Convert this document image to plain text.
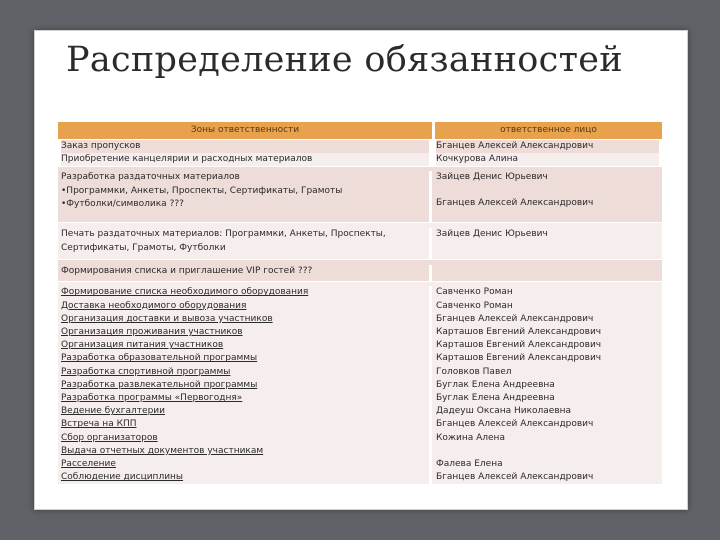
Распределение обязанностей
Зоны ответственности	ответственное лицо
Заказ пропусков
Приобретение канцелярии и расходных материалов
Бганцев Алексей Александрович
Кочкурова Алина
Разработка раздаточных материалов
•Программки, Анкеты, Проспекты, Сертификаты, Грамоты
•Футболки/символика ???
Зайцев Денис Юрьевич
Бганцев Алексей Александрович
Печать раздаточных материалов: Программки, Анкеты, Проспекты,
Сертификаты, Грамоты, Футболки
Зайцев Денис Юрьевич
Формирования списка и приглашение VIP гостей ???
Формирование списка необходимого оборудования
Доставка необходимого оборудования
Организация доставки и вывоза участников
Организация проживания участников
Организация питания участников
Разработка образовательной программы
Разработка спортивной программы
Разработка развлекательной программы
Разработка программы «Первогодня»
Ведение бухгалтерии
Встреча на КПП
Сбор организаторов
Выдача отчетных документов участникам
Расселение
Соблюдение дисциплины
Савченко Роман
Савченко Роман
Бганцев Алексей Александрович
Карташов Евгений Александрович
Карташов Евгений Александрович
Карташов Евгений Александрович
Головков Павел
Буглак Елена Андреевна
Буглак Елена Андреевна
Дадеуш Оксана Николаевна
Бганцев Алексей Александрович
Кожина Алена
Фалева Елена
Бганцев Алексей Александрович
